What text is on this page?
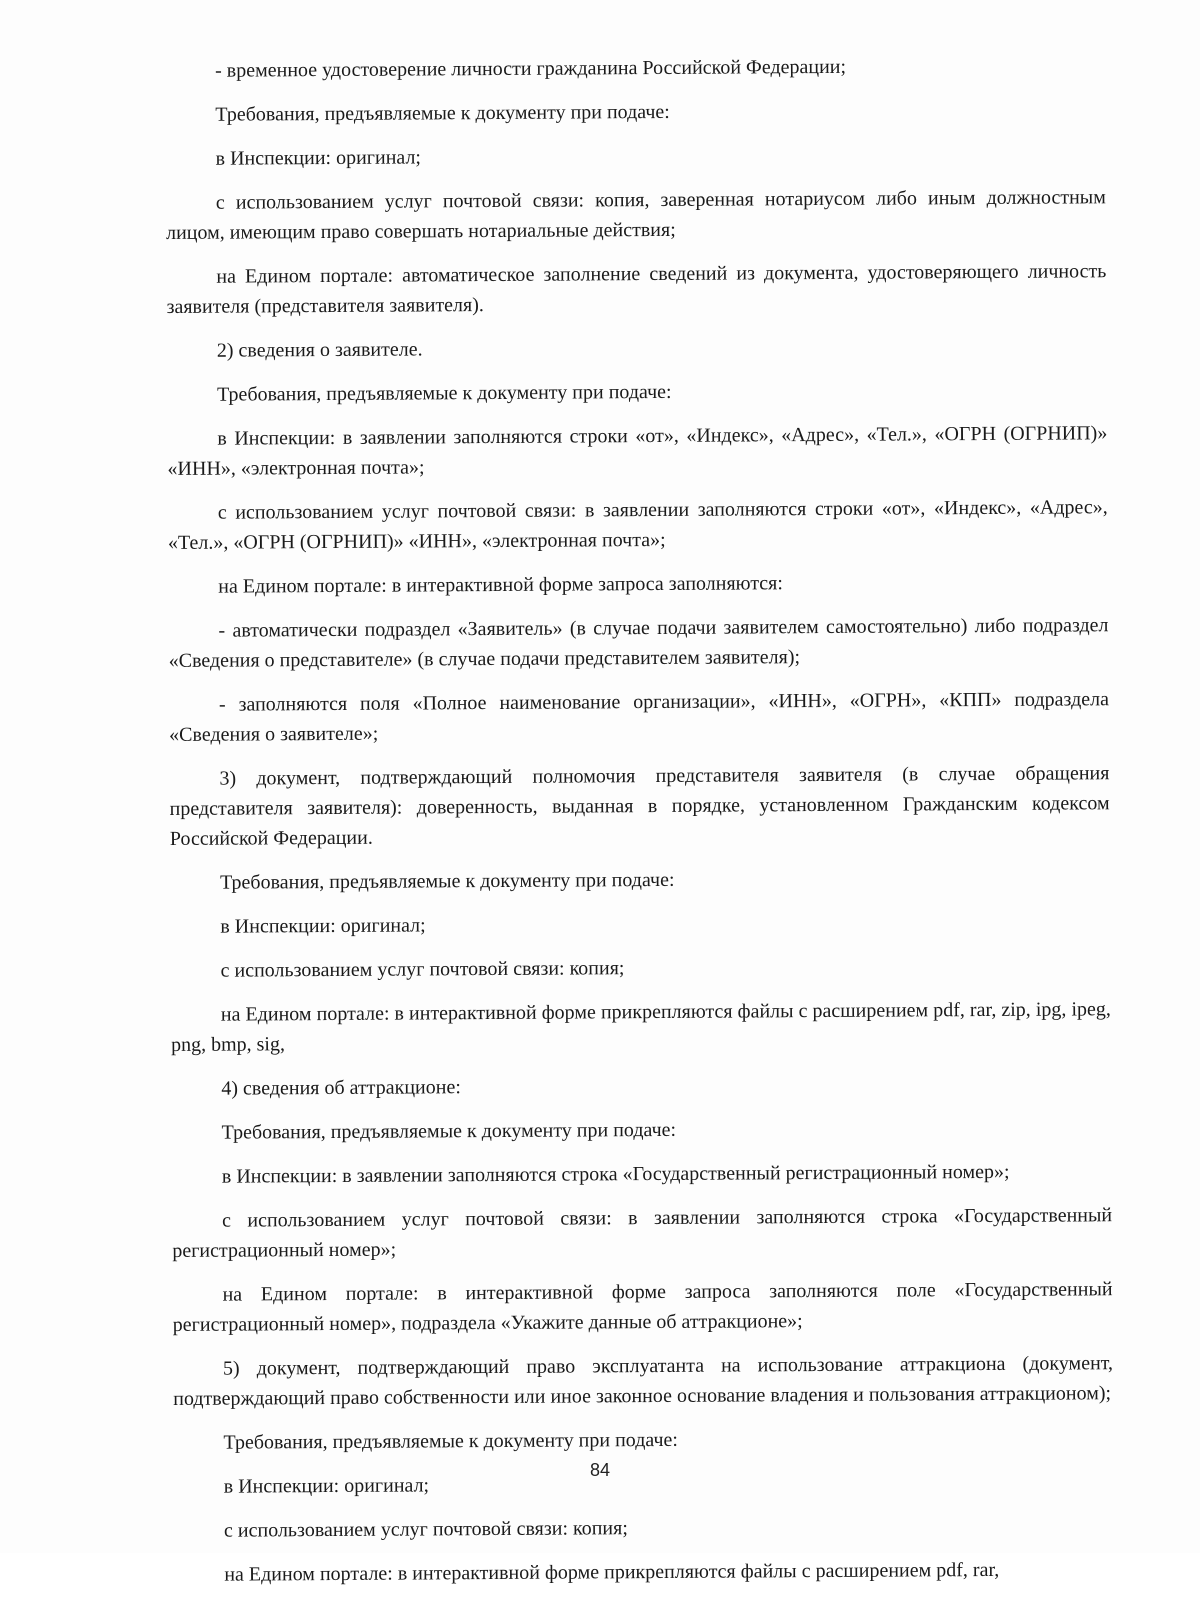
- временное удостоверение личности гражданина Российской Федерации;

Требования, предъявляемые к документу при подаче:

в Инспекции: оригинал;

с использованием услуг почтовой связи: копия, заверенная нотариусом либо иным должностным лицом, имеющим право совершать нотариальные действия;

на Едином портале: автоматическое заполнение сведений из документа, удостоверяющего личность заявителя (представителя заявителя).

2) сведения о заявителе.

Требования, предъявляемые к документу при подаче:

в Инспекции: в заявлении заполняются строки «от», «Индекс», «Адрес», «Тел.», «ОГРН (ОГРНИП)» «ИНН», «электронная почта»;

с использованием услуг почтовой связи: в заявлении заполняются строки «от», «Индекс», «Адрес», «Тел.», «ОГРН (ОГРНИП)» «ИНН», «электронная почта»;

на Едином портале: в интерактивной форме запроса заполняются:

- автоматически подраздел «Заявитель» (в случае подачи заявителем самостоятельно) либо подраздел «Сведения о представителе» (в случае подачи представителем заявителя);

- заполняются поля «Полное наименование организации», «ИНН», «ОГРН», «КПП» подраздела «Сведения о заявителе»;

3) документ, подтверждающий полномочия представителя заявителя (в случае обращения представителя заявителя): доверенность, выданная в порядке, установленном Гражданским кодексом Российской Федерации.

Требования, предъявляемые к документу при подаче:

в Инспекции: оригинал;

с использованием услуг почтовой связи: копия;

на Едином портале: в интерактивной форме прикрепляются файлы с расширением pdf, rar, zip, ipg, ipeg, png, bmp, sig,

4) сведения об аттракционе:

Требования, предъявляемые к документу при подаче:

в Инспекции: в заявлении заполняются строка «Государственный регистрационный номер»;

с использованием услуг почтовой связи: в заявлении заполняются строка «Государственный регистрационный номер»;

на Едином портале: в интерактивной форме запроса заполняются поле «Государственный регистрационный номер», подраздела «Укажите данные об аттракционе»;

5) документ, подтверждающий право эксплуатанта на использование аттракциона (документ, подтверждающий право собственности или иное законное основание владения и пользования аттракционом);

Требования, предъявляемые к документу при подаче:

в Инспекции: оригинал;

с использованием услуг почтовой связи: копия;

на Едином портале: в интерактивной форме прикрепляются файлы с расширением pdf, rar,

84
